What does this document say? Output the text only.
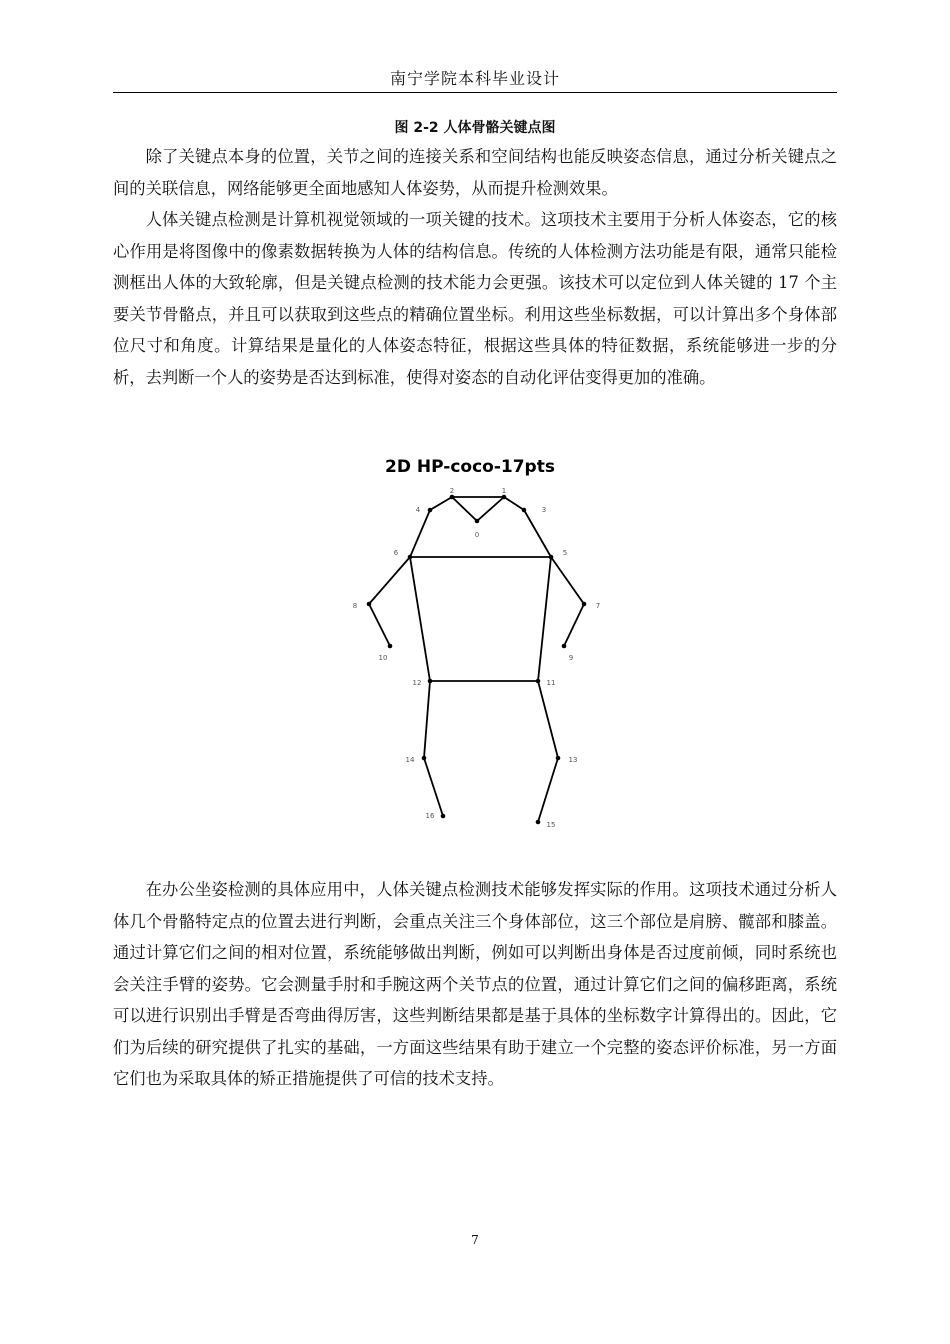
南宁学院本科毕业设计
图 2-2 人体骨骼关键点图

除了关键点本身的位置，关节之间的连接关系和空间结构也能反映姿态信息，通过分析关键点之间的关联信息，网络能够更全面地感知人体姿势，从而提升检测效果。

人体关键点检测是计算机视觉领域的一项关键的技术。这项技术主要用于分析人体姿态，它的核心作用是将图像中的像素数据转换为人体的结构信息。传统的人体检测方法功能是有限，通常只能检测框出人体的大致轮廓，但是关键点检测的技术能力会更强。该技术可以定位到人体关键的 17 个主要关节骨骼点，并且可以获取到这些点的精确位置坐标。利用这些坐标数据，可以计算出多个身体部位尺寸和角度。计算结果是量化的人体姿态特征，根据这些具体的特征数据，系统能够进一步的分析，去判断一个人的姿势是否达到标准，使得对姿态的自动化评估变得更加的准确。

2D HP-coco-17pts
0
1
2
3
4
5
6
7
8
9
10
11
12
13
14
15
16

在办公坐姿检测的具体应用中，人体关键点检测技术能够发挥实际的作用。这项技术通过分析人体几个骨骼特定点的位置去进行判断，会重点关注三个身体部位，这三个部位是肩膀、髋部和膝盖。通过计算它们之间的相对位置，系统能够做出判断，例如可以判断出身体是否过度前倾，同时系统也会关注手臂的姿势。它会测量手肘和手腕这两个关节点的位置，通过计算它们之间的偏移距离，系统可以进行识别出手臂是否弯曲得厉害，这些判断结果都是基于具体的坐标数字计算得出的。因此，它们为后续的研究提供了扎实的基础，一方面这些结果有助于建立一个完整的姿态评价标准，另一方面它们也为采取具体的矫正措施提供了可信的技术支持。

7
